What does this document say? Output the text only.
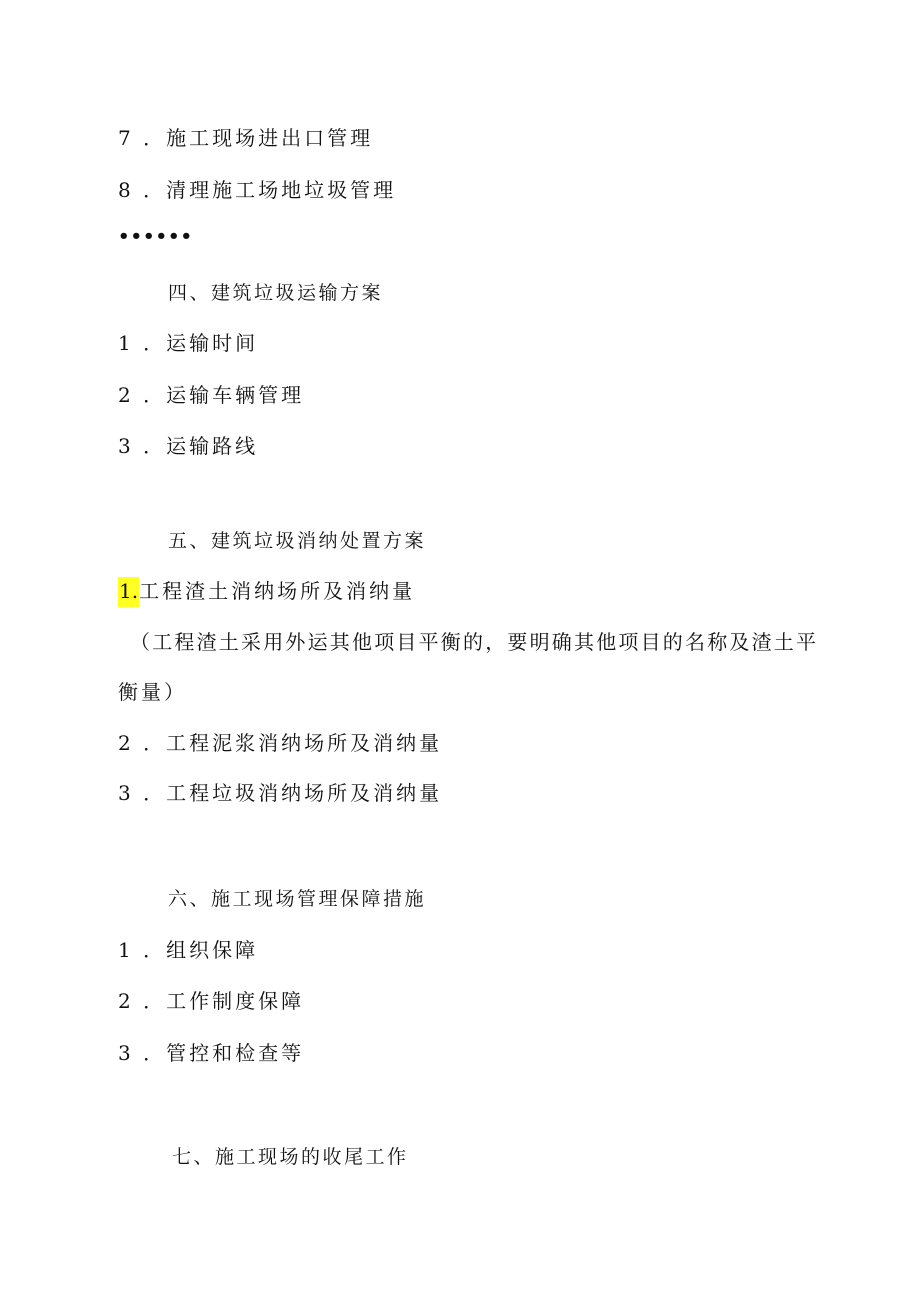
7 ．施工现场进出口管理
8 ．清理施工场地垃圾管理
••••••
四、建筑垃圾运输方案
1 ．运输时间
2 ．运输车辆管理
3 ．运输路线
五、建筑垃圾消纳处置方案
1.工程渣土消纳场所及消纳量
（工程渣土采用外运其他项目平衡的，要明确其他项目的名称及渣土平
衡量）
2 ．工程泥浆消纳场所及消纳量
3 ．工程垃圾消纳场所及消纳量
六、施工现场管理保障措施
1 ．组织保障
2 ．工作制度保障
3 ．管控和检查等
七、施工现场的收尾工作
